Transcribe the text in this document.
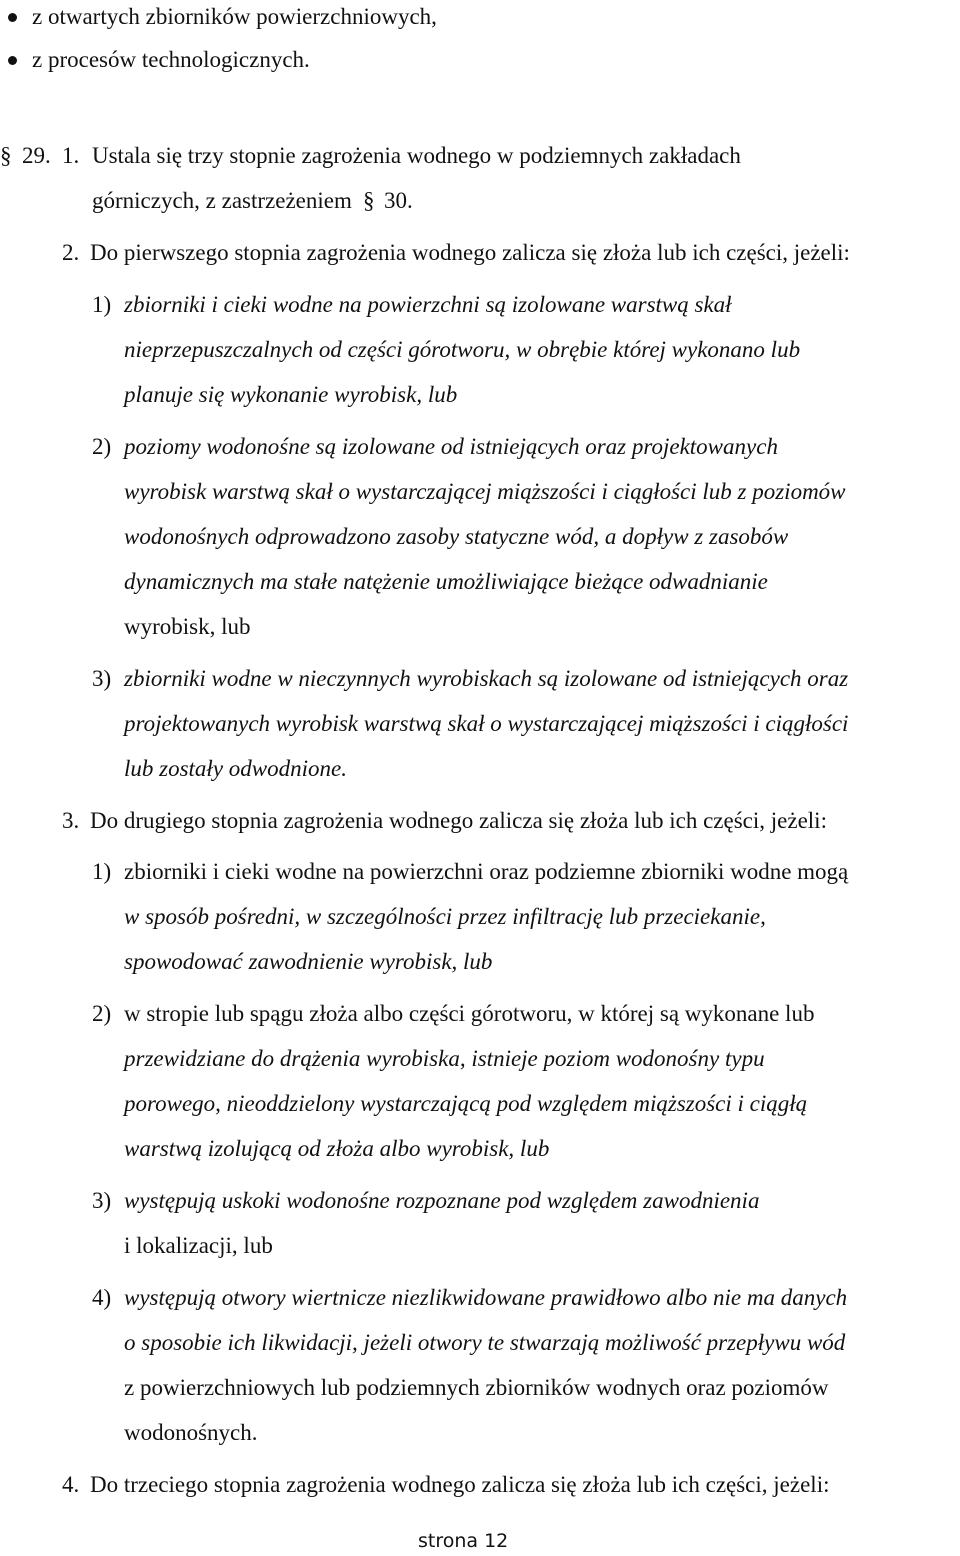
z otwartych zbiorników powierzchniowych,
z procesów technologicznych.
§ 29. 1. Ustala się trzy stopnie zagrożenia wodnego w podziemnych zakładach
górniczych, z zastrzeżeniem § 30.
2. Do pierwszego stopnia zagrożenia wodnego zalicza się złoża lub ich części, jeżeli:
1) zbiorniki i cieki wodne na powierzchni są izolowane warstwą skał
nieprzepuszczalnych od części górotworu, w obrębie której wykonano lub
planuje się wykonanie wyrobisk, lub
2) poziomy wodonośne są izolowane od istniejących oraz projektowanych
wyrobisk warstwą skał o wystarczającej miąższości i ciągłości lub z poziomów
wodonośnych odprowadzono zasoby statyczne wód, a dopływ z zasobów
dynamicznych ma stałe natężenie umożliwiające bieżące odwadnianie
wyrobisk, lub
3) zbiorniki wodne w nieczynnych wyrobiskach są izolowane od istniejących oraz
projektowanych wyrobisk warstwą skał o wystarczającej miąższości i ciągłości
lub zostały odwodnione.
3. Do drugiego stopnia zagrożenia wodnego zalicza się złoża lub ich części, jeżeli:
1) zbiorniki i cieki wodne na powierzchni oraz podziemne zbiorniki wodne mogą
w sposób pośredni, w szczególności przez infiltrację lub przeciekanie,
spowodować zawodnienie wyrobisk, lub
2) w stropie lub spągu złoża albo części górotworu, w której są wykonane lub
przewidziane do drążenia wyrobiska, istnieje poziom wodonośny typu
porowego, nieoddzielony wystarczającą pod względem miąższości i ciągłą
warstwą izolującą od złoża albo wyrobisk, lub
3) występują uskoki wodonośne rozpoznane pod względem zawodnienia
i lokalizacji, lub
4) występują otwory wiertnicze niezlikwidowane prawidłowo albo nie ma danych
o sposobie ich likwidacji, jeżeli otwory te stwarzają możliwość przepływu wód
z powierzchniowych lub podziemnych zbiorników wodnych oraz poziomów
wodonośnych.
4. Do trzeciego stopnia zagrożenia wodnego zalicza się złoża lub ich części, jeżeli:
strona 12
